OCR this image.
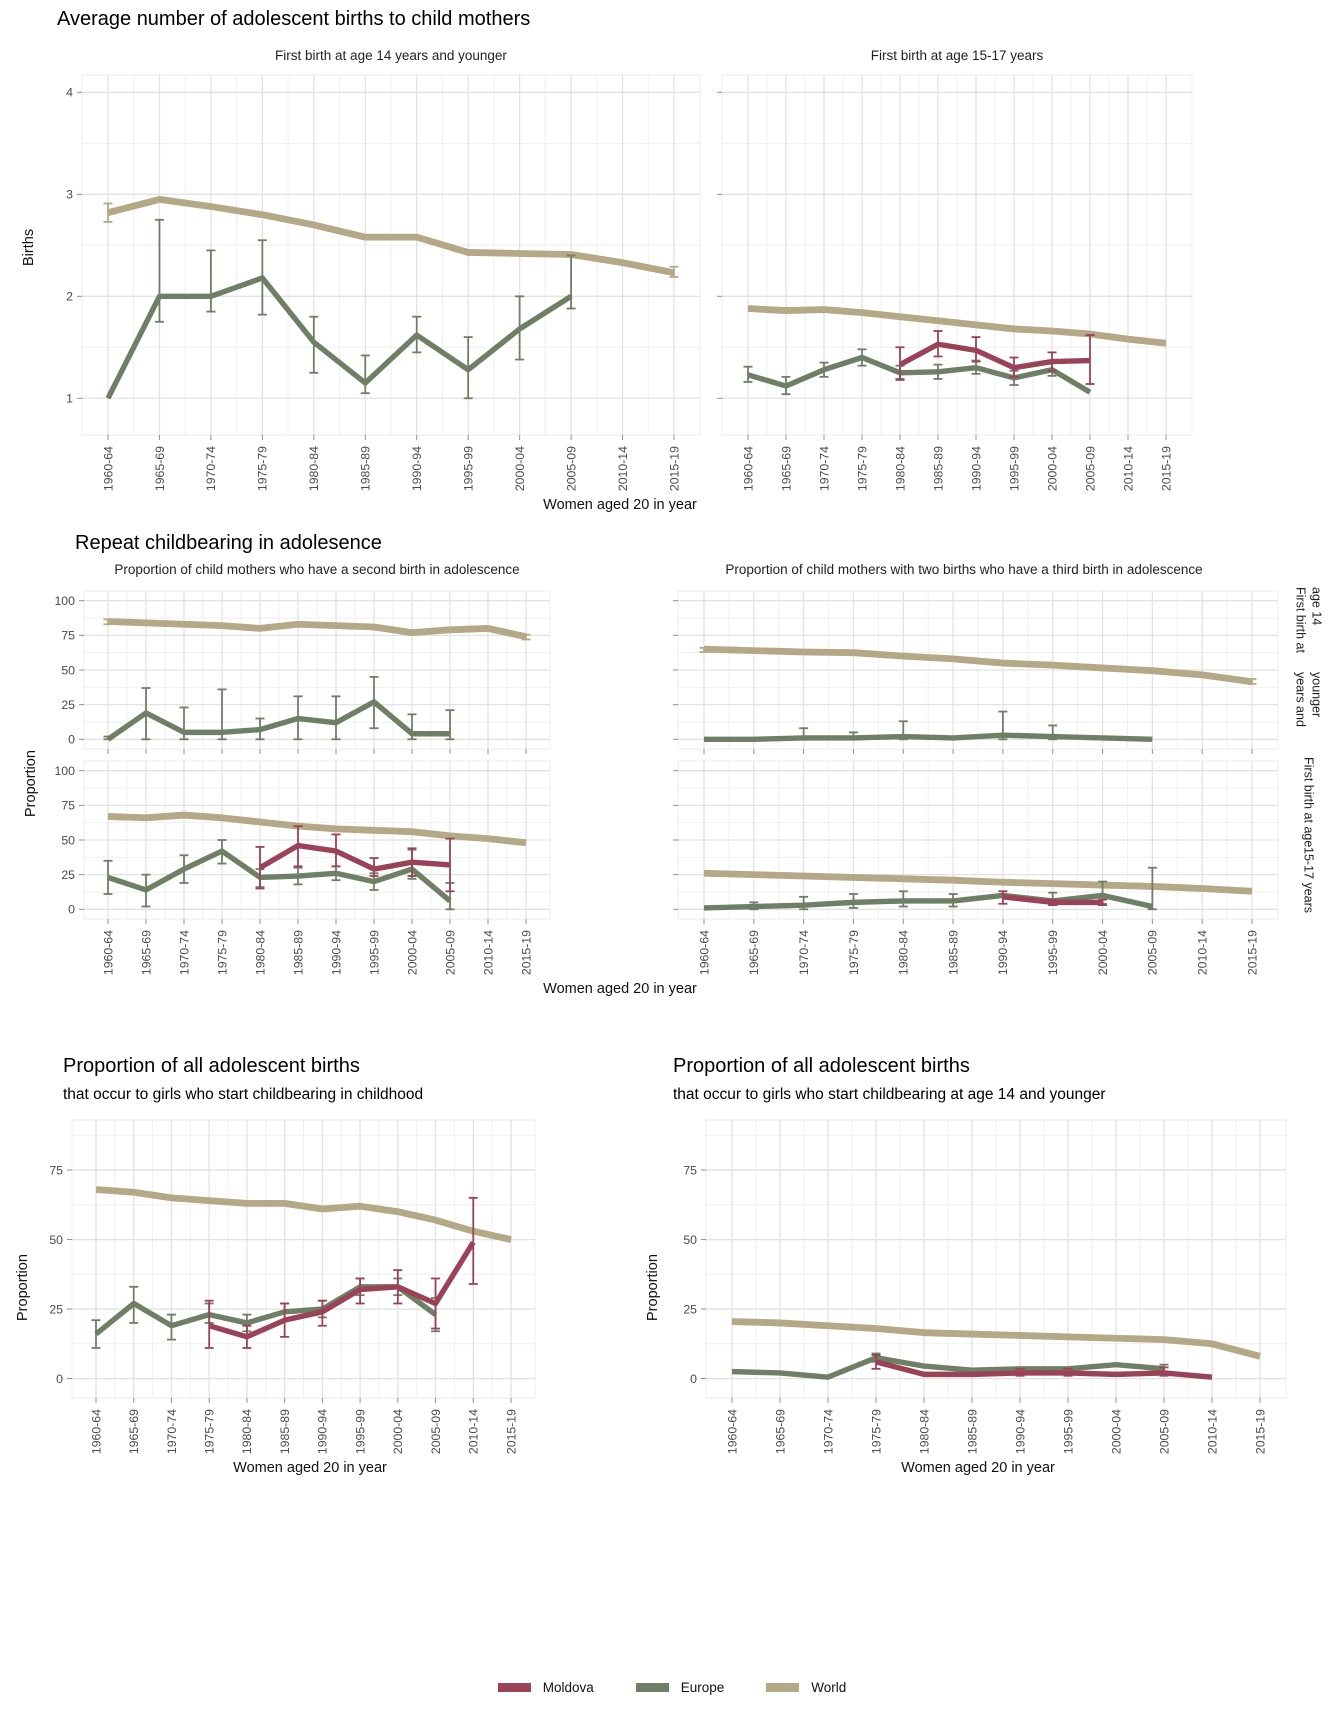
Average number of adolescent births to child mothers
Births
First birth at age 14 years and younger
1
2
3
4
1960-64	1965-69	1970-74	1975-79	1980-84	1985-89	1990-94	1995-99	2000-04	2005-09	2010-14	2015-19
First birth at age 15-17 years
1960-64 1965-69 1970-74 1975-79 1980-84 1985-89 1990-94 1995-99 2000-04 2005-09 2010-14 2015-19
Women aged 20 in year
Repeat childbearing in adolesence
Proportion of child mothers who have a second birth in adolescence	Proportion of child mothers with two births who have a third birth in adolescence
Proportion
0
25
50
75
100
0
25
50
75
100
1960-64 1965-69 1970-74 1975-79 1980-84 1985-89 1990-94 1995-99 2000-04 2005-09 2010-14 2015-19	1960-64	1965-69	1970-74	1975-79	1980-84	1985-89	1990-94	1995-99	2000-04	2005-09	2010-14	2015-19
First birth at age 14
years and younger
First birth at age
15-17 years
Women aged 20 in year
Proportion of all adolescent births
that occur to girls who start childbearing in childhood
Proportion
0
25
50
75
1960-64 1965-69 1970-74 1975-79 1980-84 1985-89 1990-94 1995-99 2000-04 2005-09 2010-14 2015-19
Women aged 20 in year
Proportion of all adolescent births
that occur to girls who start childbearing at age 14 and younger
Proportion
0
25
50
75
1960-64	1965-69	1970-74	1975-79	1980-84	1985-89	1990-94	1995-99	2000-04	2005-09	2010-14	2015-19
Women aged 20 in year
Moldova	Europe	World
